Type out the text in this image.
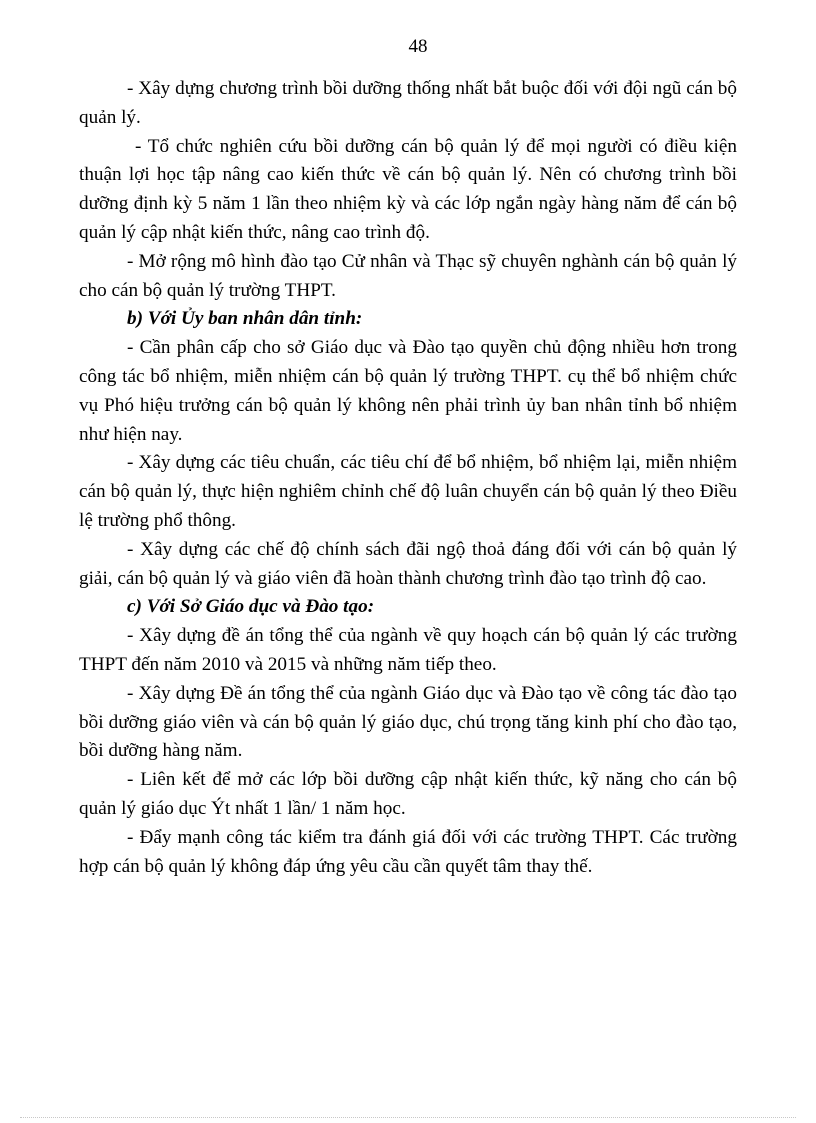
48

- Xây dựng chương trình bồi dưỡng thống nhất bắt buộc đối với đội ngũ cán bộ quản lý.

- Tổ chức nghiên cứu bồi dưỡng cán bộ quản lý để mọi người có điều kiện thuận lợi học tập nâng cao kiến thức về cán bộ quản lý. Nên có chương trình bồi dưỡng định kỳ 5 năm 1 lần theo nhiệm kỳ và các lớp ngắn ngày hàng năm để cán bộ quản lý cập nhật kiến thức, nâng cao trình độ.

- Mở rộng mô hình đào tạo Cử nhân và Thạc sỹ chuyên nghành cán bộ quản lý cho cán bộ quản lý trường THPT.

b) Với Ủy ban nhân dân tỉnh:

- Cần phân cấp cho sở Giáo dục và Đào tạo quyền chủ động nhiều hơn trong công tác bổ nhiệm, miễn nhiệm cán bộ quản lý trường THPT. cụ thể bổ nhiệm chức vụ Phó hiệu trưởng cán bộ quản lý không nên phải trình ủy ban nhân tỉnh bổ nhiệm như hiện nay.

- Xây dựng các tiêu chuẩn, các tiêu chí để bổ nhiệm, bổ nhiệm lại, miễn nhiệm cán bộ quản lý, thực hiện nghiêm chỉnh chế độ luân chuyển cán bộ quản lý theo Điều lệ trường phổ thông.

- Xây dựng các chế độ chính sách đãi ngộ thoả đáng đối với cán bộ quản lý giải, cán bộ quản lý và giáo viên đã hoàn thành chương trình đào tạo trình độ cao.

c) Với Sở Giáo dục và Đào tạo:

- Xây dựng đề án tổng thể của ngành về quy hoạch cán bộ quản lý các trường THPT đến năm 2010 và 2015 và những năm tiếp theo.

- Xây dựng Đề án tổng thể của ngành Giáo dục và Đào tạo về công tác đào tạo bồi dưỡng giáo viên và cán bộ quản lý giáo dục, chú trọng tăng kinh phí cho đào tạo, bồi dưỡng hàng năm.

- Liên kết để mở các lớp bồi dưỡng cập nhật kiến thức, kỹ năng cho cán bộ quản lý giáo dục Ýt nhất 1 lần/ 1 năm học.

- Đẩy mạnh công tác kiểm tra đánh giá đối với các trường THPT. Các trường hợp cán bộ quản lý không đáp ứng yêu cầu cần quyết tâm thay thế.
